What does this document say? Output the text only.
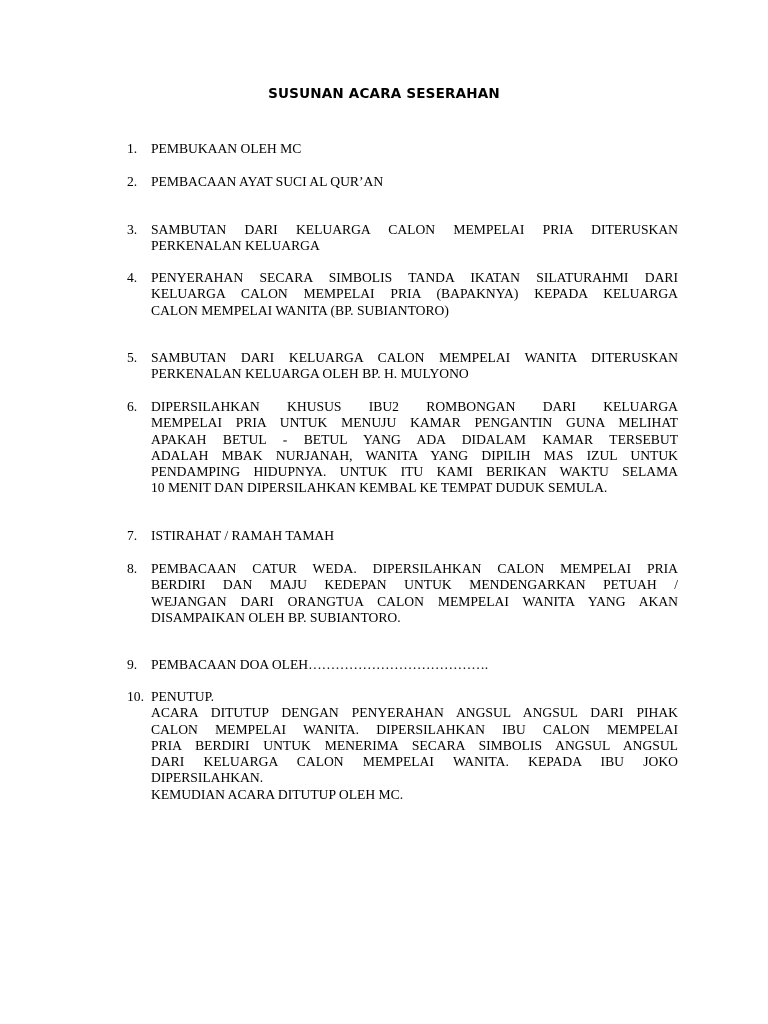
SUSUNAN ACARA SESERAHAN
1. PEMBUKAAN OLEH MC
2. PEMBACAAN AYAT SUCI AL QUR’AN
3. SAMBUTAN DARI KELUARGA CALON MEMPELAI PRIA DITERUSKAN
PERKENALAN KELUARGA
4. PENYERAHAN SECARA SIMBOLIS TANDA IKATAN SILATURAHMI DARI
KELUARGA CALON MEMPELAI PRIA (BAPAKNYA) KEPADA KELUARGA
CALON MEMPELAI WANITA (BP. SUBIANTORO)
5. SAMBUTAN DARI KELUARGA CALON MEMPELAI WANITA DITERUSKAN
PERKENALAN KELUARGA OLEH BP. H. MULYONO
6. DIPERSILAHKAN KHUSUS IBU2 ROMBONGAN DARI KELUARGA
MEMPELAI PRIA UNTUK MENUJU KAMAR PENGANTIN GUNA MELIHAT
APAKAH BETUL - BETUL YANG ADA DIDALAM KAMAR TERSEBUT
ADALAH MBAK NURJANAH, WANITA YANG DIPILIH MAS IZUL UNTUK
PENDAMPING HIDUPNYA. UNTUK ITU KAMI BERIKAN WAKTU SELAMA
10 MENIT DAN DIPERSILAHKAN KEMBAL KE TEMPAT DUDUK SEMULA.
7. ISTIRAHAT / RAMAH TAMAH
8. PEMBACAAN CATUR WEDA. DIPERSILAHKAN CALON MEMPELAI PRIA
BERDIRI DAN MAJU KEDEPAN UNTUK MENDENGARKAN PETUAH /
WEJANGAN DARI ORANGTUA CALON MEMPELAI WANITA YANG AKAN
DISAMPAIKAN OLEH BP. SUBIANTORO.
9. PEMBACAAN DOA OLEH………………………………….
10. PENUTUP.
ACARA DITUTUP DENGAN PENYERAHAN ANGSUL ANGSUL DARI PIHAK
CALON MEMPELAI WANITA. DIPERSILAHKAN IBU CALON MEMPELAI
PRIA BERDIRI UNTUK MENERIMA SECARA SIMBOLIS ANGSUL ANGSUL
DARI KELUARGA CALON MEMPELAI WANITA. KEPADA IBU JOKO
DIPERSILAHKAN.
KEMUDIAN ACARA DITUTUP OLEH MC.
